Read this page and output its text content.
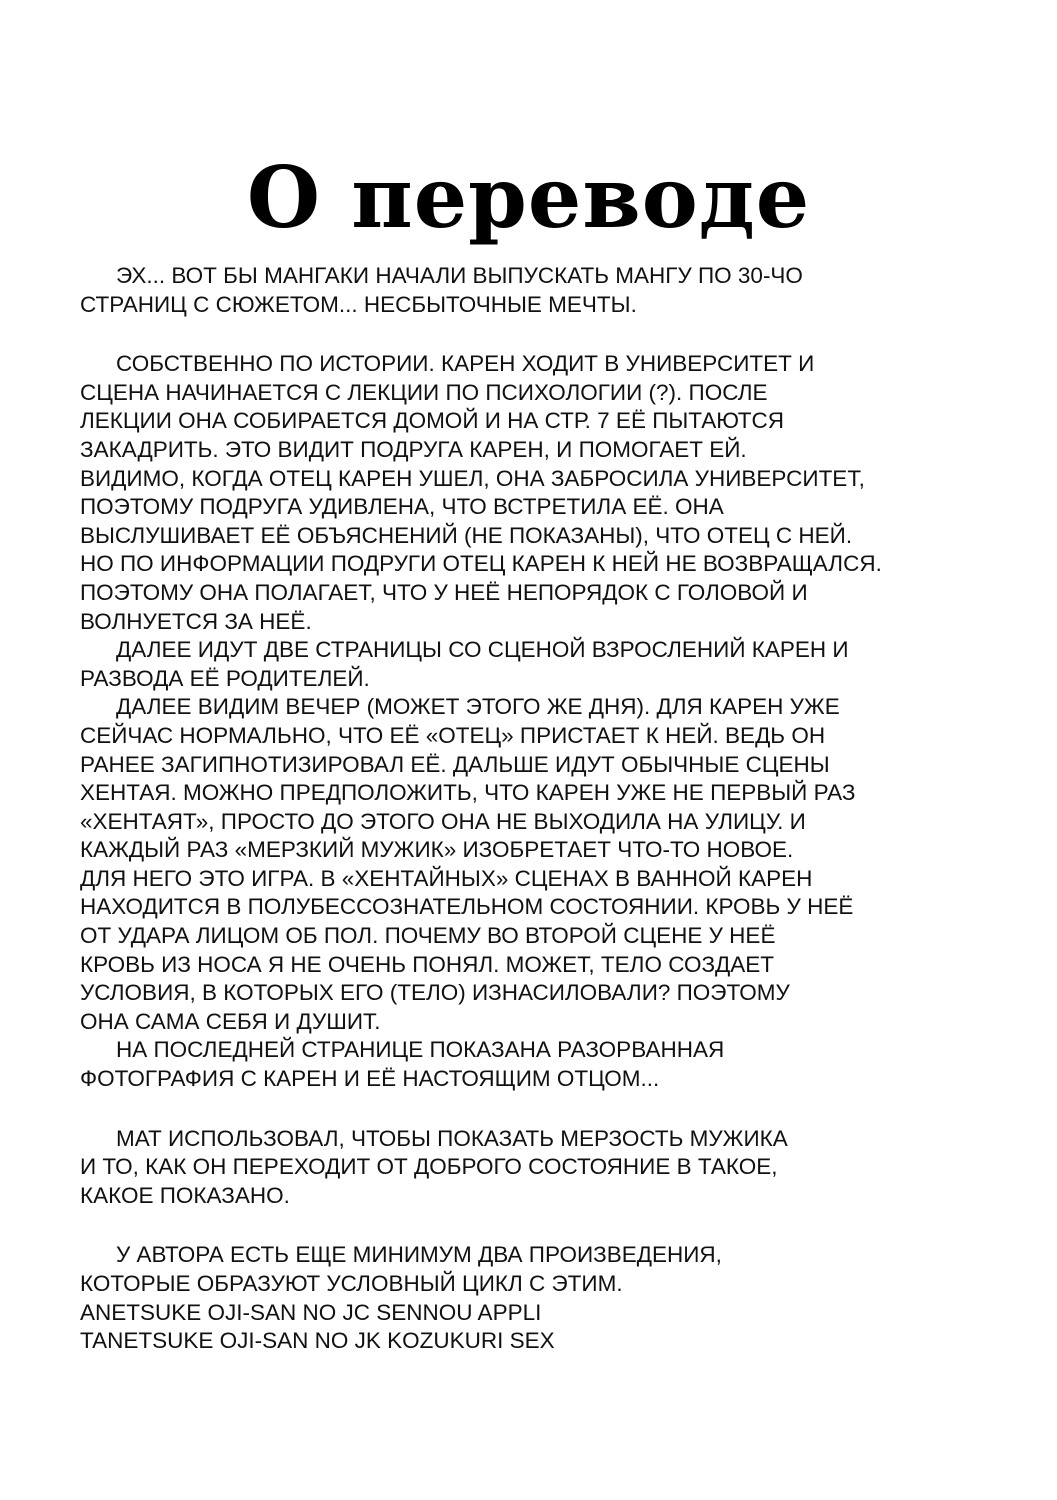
О переводе
ЭХ... ВОТ БЫ МАНГАКИ НАЧАЛИ ВЫПУСКАТЬ МАНГУ ПО 30-ЧО
СТРАНИЦ С СЮЖЕТОМ... НЕСБЫТОЧНЫЕ МЕЧТЫ.
СОБСТВЕННО ПО ИСТОРИИ. КАРЕН ХОДИТ В УНИВЕРСИТЕТ И
СЦЕНА НАЧИНАЕТСЯ С ЛЕКЦИИ ПО ПСИХОЛОГИИ (?). ПОСЛЕ
ЛЕКЦИИ ОНА СОБИРАЕТСЯ ДОМОЙ И НА СТР. 7 ЕЁ ПЫТАЮТСЯ
ЗАКАДРИТЬ. ЭТО ВИДИТ ПОДРУГА КАРЕН, И ПОМОГАЕТ ЕЙ.
ВИДИМО, КОГДА ОТЕЦ КАРЕН УШЕЛ, ОНА ЗАБРОСИЛА УНИВЕРСИТЕТ,
ПОЭТОМУ ПОДРУГА УДИВЛЕНА, ЧТО ВСТРЕТИЛА ЕЁ. ОНА
ВЫСЛУШИВАЕТ ЕЁ ОБЪЯСНЕНИЙ (НЕ ПОКАЗАНЫ), ЧТО ОТЕЦ С НЕЙ.
НО ПО ИНФОРМАЦИИ ПОДРУГИ ОТЕЦ КАРЕН К НЕЙ НЕ ВОЗВРАЩАЛСЯ.
ПОЭТОМУ ОНА ПОЛАГАЕТ, ЧТО У НЕЁ НЕПОРЯДОК С ГОЛОВОЙ И
ВОЛНУЕТСЯ ЗА НЕЁ.
ДАЛЕЕ ИДУТ ДВЕ СТРАНИЦЫ СО СЦЕНОЙ ВЗРОСЛЕНИЙ КАРЕН И
РАЗВОДА ЕЁ РОДИТЕЛЕЙ.
ДАЛЕЕ ВИДИМ ВЕЧЕР (МОЖЕТ ЭТОГО ЖЕ ДНЯ). ДЛЯ КАРЕН УЖЕ
СЕЙЧАС НОРМАЛЬНО, ЧТО ЕЁ «ОТЕЦ» ПРИСТАЕТ К НЕЙ. ВЕДЬ ОН
РАНЕЕ ЗАГИПНОТИЗИРОВАЛ ЕЁ. ДАЛЬШЕ ИДУТ ОБЫЧНЫЕ СЦЕНЫ
ХЕНТАЯ. МОЖНО ПРЕДПОЛОЖИТЬ, ЧТО КАРЕН УЖЕ НЕ ПЕРВЫЙ РАЗ
«ХЕНТАЯТ», ПРОСТО ДО ЭТОГО ОНА НЕ ВЫХОДИЛА НА УЛИЦУ. И
КАЖДЫЙ РАЗ «МЕРЗКИЙ МУЖИК» ИЗОБРЕТАЕТ ЧТО-ТО НОВОЕ.
ДЛЯ НЕГО ЭТО ИГРА. В «ХЕНТАЙНЫХ» СЦЕНАХ В ВАННОЙ КАРЕН
НАХОДИТСЯ В ПОЛУБЕССОЗНАТЕЛЬНОМ СОСТОЯНИИ. КРОВЬ У НЕЁ
ОТ УДАРА ЛИЦОМ ОБ ПОЛ. ПОЧЕМУ ВО ВТОРОЙ СЦЕНЕ У НЕЁ
КРОВЬ ИЗ НОСА Я НЕ ОЧЕНЬ ПОНЯЛ. МОЖЕТ, ТЕЛО СОЗДАЕТ
УСЛОВИЯ, В КОТОРЫХ ЕГО (ТЕЛО) ИЗНАСИЛОВАЛИ? ПОЭТОМУ
ОНА САМА СЕБЯ И ДУШИТ.
НА ПОСЛЕДНЕЙ СТРАНИЦЕ ПОКАЗАНА РАЗОРВАННАЯ
ФОТОГРАФИЯ С КАРЕН И ЕЁ НАСТОЯЩИМ ОТЦОМ...
МАТ ИСПОЛЬЗОВАЛ, ЧТОБЫ ПОКАЗАТЬ МЕРЗОСТЬ МУЖИКА
И ТО, КАК ОН ПЕРЕХОДИТ ОТ ДОБРОГО СОСТОЯНИЕ В ТАКОЕ,
КАКОЕ ПОКАЗАНО.
У АВТОРА ЕСТЬ ЕЩЕ МИНИМУМ ДВА ПРОИЗВЕДЕНИЯ,
КОТОРЫЕ ОБРАЗУЮТ УСЛОВНЫЙ ЦИКЛ С ЭТИМ.
ANETSUKE OJI-SAN NO JC SENNOU APPLI
TANETSUKE OJI-SAN NO JK KOZUKURI SEX
